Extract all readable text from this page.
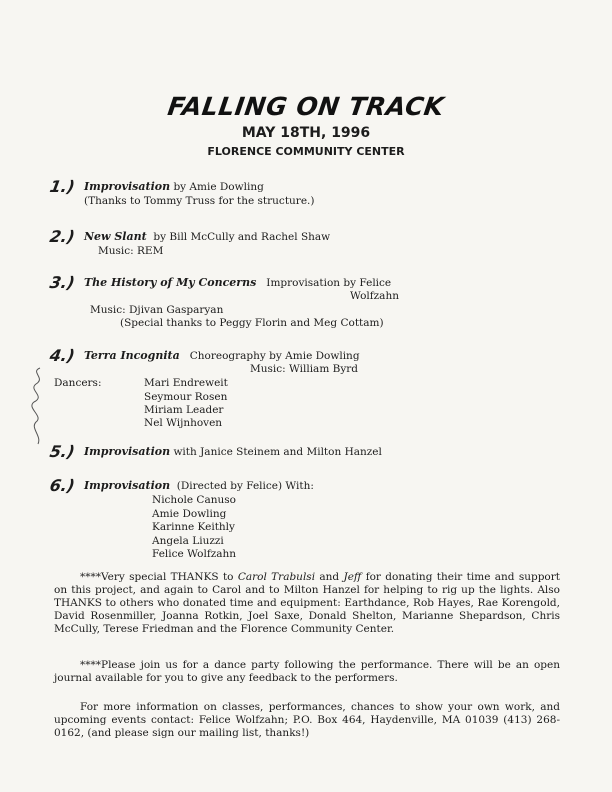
FALLING ON TRACK
MAY 18TH, 1996
FLORENCE COMMUNITY CENTER
1.) Improvisation by Amie Dowling
(Thanks to Tommy Truss for the structure.)
2.) New Slant by Bill McCully and Rachel Shaw
Music: REM
3.) The History of My Concerns Improvisation by Felice
Wolfzahn
Music: Djivan Gasparyan
(Special thanks to Peggy Florin and Meg Cottam)
4.) Terra Incognita Choreography by Amie Dowling
Music: William Byrd
Dancers:	Mari Endreweit
Seymour Rosen
Miriam Leader
Nel Wijnhoven
5.) Improvisation with Janice Steinem and Milton Hanzel
6.) Improvisation (Directed by Felice) With:
Nichole Canuso
Amie Dowling
Karinne Keithly
Angela Liuzzi
Felice Wolfzahn
****Very special THANKS to Carol Trabulsi and Jeff for donating their time and support on this project, and again to Carol and to Milton Hanzel for helping to rig up the lights. Also THANKS to others who donated time and equipment: Earthdance, Rob Hayes, Rae Korengold, David Rosenmiller, Joanna Rotkin, Joel Saxe, Donald Shelton, Marianne Shepardson, Chris McCully, Terese Friedman and the Florence Community Center.
****Please join us for a dance party following the performance. There will be an open journal available for you to give any feedback to the performers.
For more information on classes, performances, chances to show your own work, and upcoming events contact: Felice Wolfzahn; P.O. Box 464, Haydenville, MA 01039 (413) 268-0162, (and please sign our mailing list, thanks!)
